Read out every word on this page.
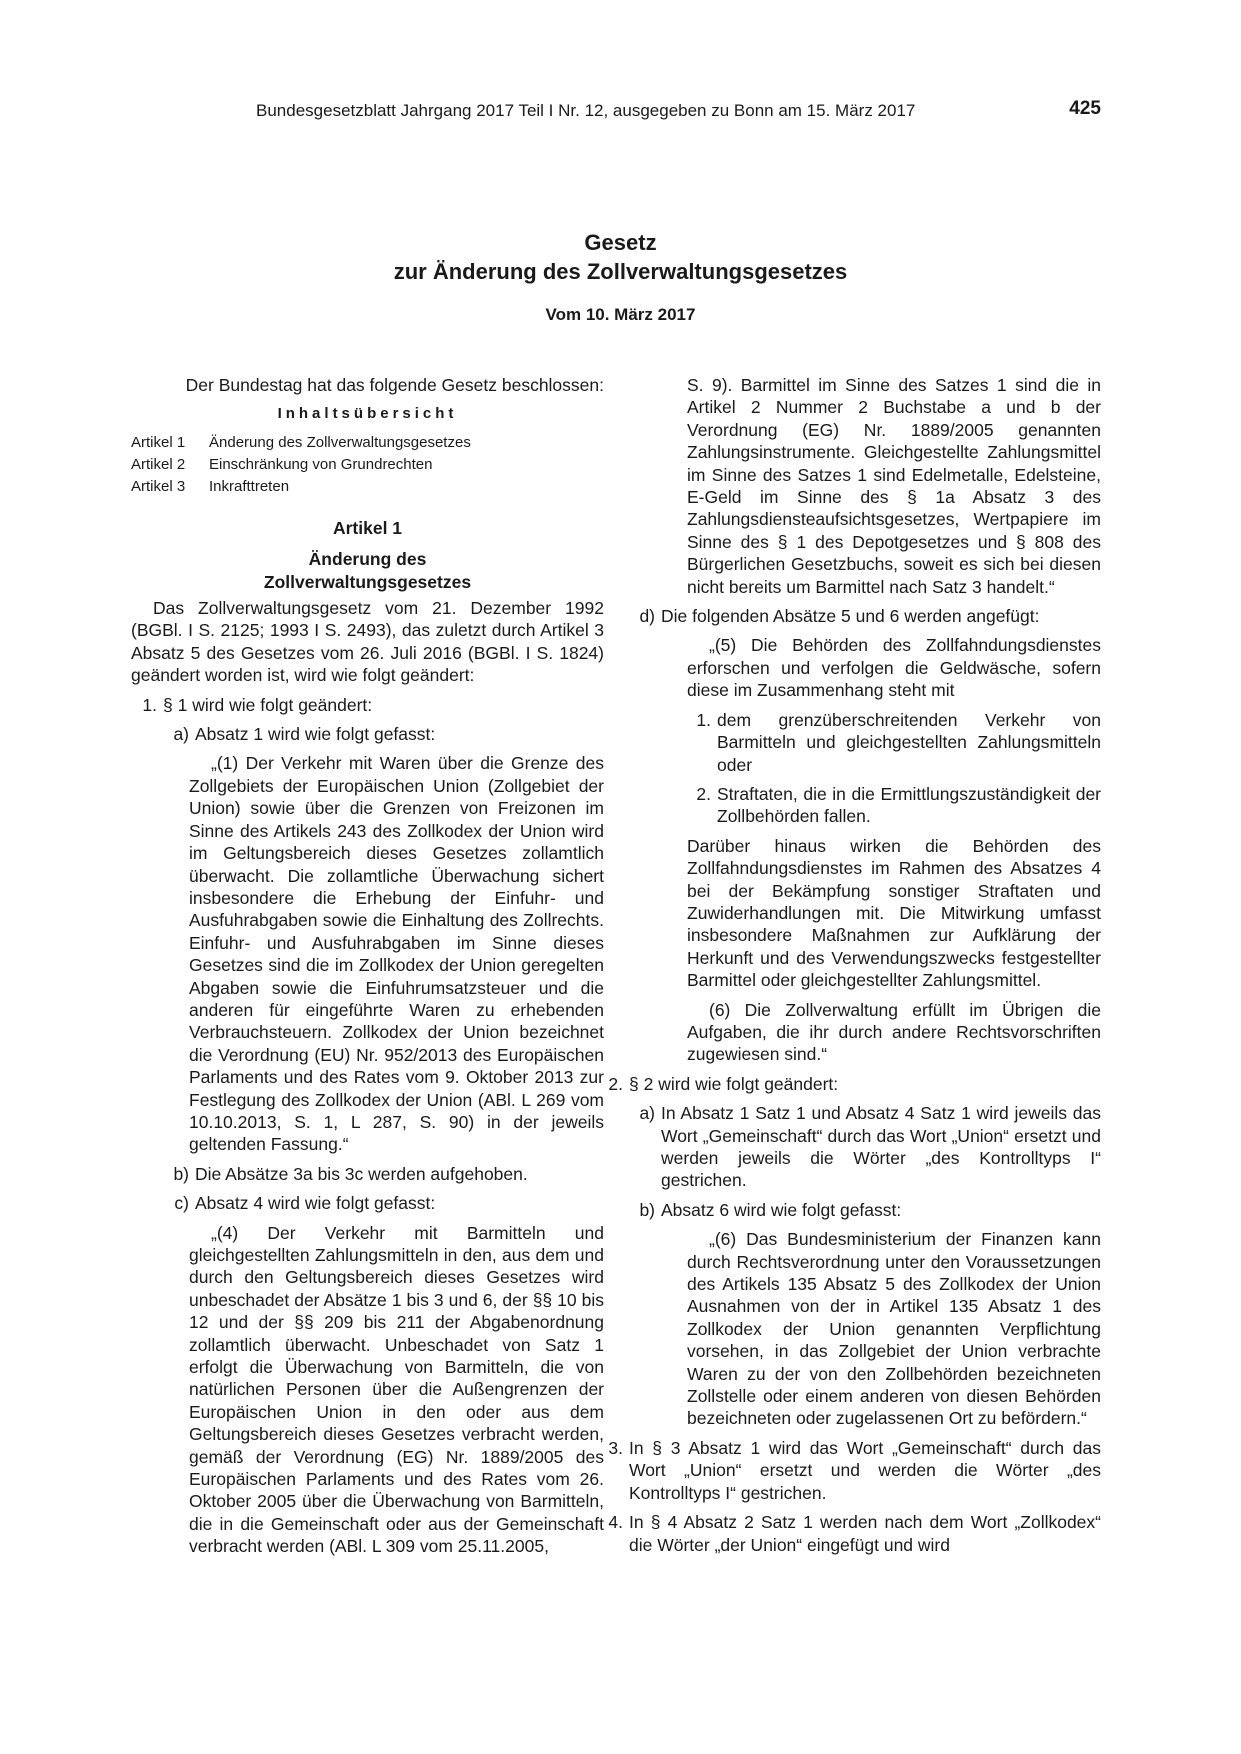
Bundesgesetzblatt Jahrgang 2017 Teil I Nr. 12, ausgegeben zu Bonn am 15. März 2017	425
Gesetz
zur Änderung des Zollverwaltungsgesetzes
Vom 10. März 2017

Der Bundestag hat das folgende Gesetz beschlossen:

Inhaltsübersicht
Artikel 1	Änderung des Zollverwaltungsgesetzes
Artikel 2	Einschränkung von Grundrechten
Artikel 3	Inkrafttreten
Artikel 1
Änderung des
Zollverwaltungsgesetzes

Das Zollverwaltungsgesetz vom 21. Dezember 1992 (BGBl. I S. 2125; 1993 I S. 2493), das zuletzt durch Artikel 3 Absatz 5 des Gesetzes vom 26. Juli 2016 (BGBl. I S. 1824) geändert worden ist, wird wie folgt geändert:

1. § 1 wird wie folgt geändert:
a) Absatz 1 wird wie folgt gefasst:

„(1) Der Verkehr mit Waren über die Grenze des Zollgebiets der Europäischen Union (Zollgebiet der Union) sowie über die Grenzen von Freizonen im Sinne des Artikels 243 des Zollkodex der Union wird im Geltungsbereich dieses Gesetzes zollamtlich überwacht. Die zollamtliche Überwachung sichert insbesondere die Erhebung der Einfuhr- und Ausfuhrabgaben sowie die Einhaltung des Zollrechts. Einfuhr- und Ausfuhrabgaben im Sinne dieses Gesetzes sind die im Zollkodex der Union geregelten Abgaben sowie die Einfuhrumsatzsteuer und die anderen für eingeführte Waren zu erhebenden Verbrauchsteuern. Zollkodex der Union bezeichnet die Verordnung (EU) Nr. 952/2013 des Europäischen Parlaments und des Rates vom 9. Oktober 2013 zur Festlegung des Zollkodex der Union (ABl. L 269 vom 10.10.2013, S. 1, L 287, S. 90) in der jeweils geltenden Fassung.“

b) Die Absätze 3a bis 3c werden aufgehoben.
c) Absatz 4 wird wie folgt gefasst:

„(4) Der Verkehr mit Barmitteln und gleichgestellten Zahlungsmitteln in den, aus dem und durch den Geltungsbereich dieses Gesetzes wird unbeschadet der Absätze 1 bis 3 und 6, der §§ 10 bis 12 und der §§ 209 bis 211 der Abgabenordnung zollamtlich überwacht. Unbeschadet von Satz 1 erfolgt die Überwachung von Barmitteln, die von natürlichen Personen über die Außengrenzen der Europäischen Union in den oder aus dem Geltungsbereich dieses Gesetzes verbracht werden, gemäß der Verordnung (EG) Nr. 1889/2005 des Europäischen Parlaments und des Rates vom 26. Oktober 2005 über die Überwachung von Barmitteln, die in die Gemeinschaft oder aus der Gemeinschaft verbracht werden (ABl. L 309 vom 25.11.2005,

S. 9). Barmittel im Sinne des Satzes 1 sind die in Artikel 2 Nummer 2 Buchstabe a und b der Verordnung (EG) Nr. 1889/2005 genannten Zahlungsinstrumente. Gleichgestellte Zahlungsmittel im Sinne des Satzes 1 sind Edelmetalle, Edelsteine, E-Geld im Sinne des § 1a Absatz 3 des Zahlungsdiensteaufsichtsgesetzes, Wertpapiere im Sinne des § 1 des Depotgesetzes und § 808 des Bürgerlichen Gesetzbuchs, soweit es sich bei diesen nicht bereits um Barmittel nach Satz 3 handelt.“

d) Die folgenden Absätze 5 und 6 werden angefügt:

„(5) Die Behörden des Zollfahndungsdienstes erforschen und verfolgen die Geldwäsche, sofern diese im Zusammenhang steht mit

1. dem grenzüberschreitenden Verkehr von Barmitteln und gleichgestellten Zahlungsmitteln oder
2. Straftaten, die in die Ermittlungszuständigkeit der Zollbehörden fallen.

Darüber hinaus wirken die Behörden des Zollfahndungsdienstes im Rahmen des Absatzes 4 bei der Bekämpfung sonstiger Straftaten und Zuwiderhandlungen mit. Die Mitwirkung umfasst insbesondere Maßnahmen zur Aufklärung der Herkunft und des Verwendungszwecks festgestellter Barmittel oder gleichgestellter Zahlungsmittel.

(6) Die Zollverwaltung erfüllt im Übrigen die Aufgaben, die ihr durch andere Rechtsvorschriften zugewiesen sind.“

2. § 2 wird wie folgt geändert:
a) In Absatz 1 Satz 1 und Absatz 4 Satz 1 wird jeweils das Wort „Gemeinschaft“ durch das Wort „Union“ ersetzt und werden jeweils die Wörter „des Kontrolltyps I“ gestrichen.
b) Absatz 6 wird wie folgt gefasst:

„(6) Das Bundesministerium der Finanzen kann durch Rechtsverordnung unter den Voraussetzungen des Artikels 135 Absatz 5 des Zollkodex der Union Ausnahmen von der in Artikel 135 Absatz 1 des Zollkodex der Union genannten Verpflichtung vorsehen, in das Zollgebiet der Union verbrachte Waren zu der von den Zollbehörden bezeichneten Zollstelle oder einem anderen von diesen Behörden bezeichneten oder zugelassenen Ort zu befördern.“

3. In § 3 Absatz 1 wird das Wort „Gemeinschaft“ durch das Wort „Union“ ersetzt und werden die Wörter „des Kontrolltyps I“ gestrichen.
4. In § 4 Absatz 2 Satz 1 werden nach dem Wort „Zollkodex“ die Wörter „der Union“ eingefügt und wird
